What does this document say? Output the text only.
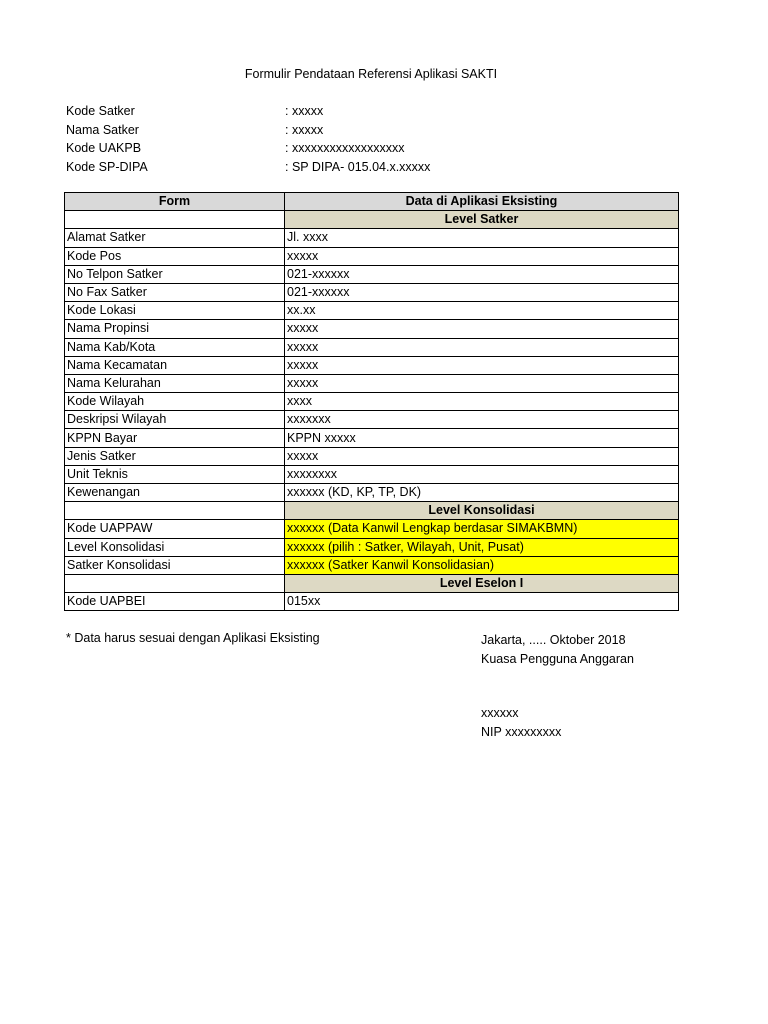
Formulir Pendataan Referensi Aplikasi SAKTI
Kode Satker	: xxxxx
Nama Satker	: xxxxx
Kode UAKPB	: xxxxxxxxxxxxxxxxxx
Kode SP-DIPA	: SP DIPA- 015.04.x.xxxxx
Form	Data di Aplikasi Eksisting
	Level Satker
Alamat Satker	Jl. xxxx
Kode Pos	xxxxx
No Telpon Satker	021-xxxxxx
No Fax Satker	021-xxxxxx
Kode Lokasi	xx.xx
Nama Propinsi	xxxxx
Nama Kab/Kota	xxxxx
Nama Kecamatan	xxxxx
Nama Kelurahan	xxxxx
Kode Wilayah	xxxx
Deskripsi Wilayah	xxxxxxx
KPPN Bayar	KPPN xxxxx
Jenis Satker	xxxxx
Unit Teknis	xxxxxxxx
Kewenangan	xxxxxx (KD, KP, TP, DK)
	Level Konsolidasi
Kode UAPPAW	xxxxxx (Data Kanwil Lengkap berdasar SIMAKBMN)
Level Konsolidasi	xxxxxx (pilih : Satker, Wilayah, Unit, Pusat)
Satker Konsolidasi	xxxxxx (Satker Kanwil Konsolidasian)
	Level Eselon I
Kode UAPBEI	015xx
* Data harus sesuai dengan Aplikasi Eksisting	Jakarta, ..... Oktober 2018
Kuasa Pengguna Anggaran
xxxxxx
NIP xxxxxxxxx
